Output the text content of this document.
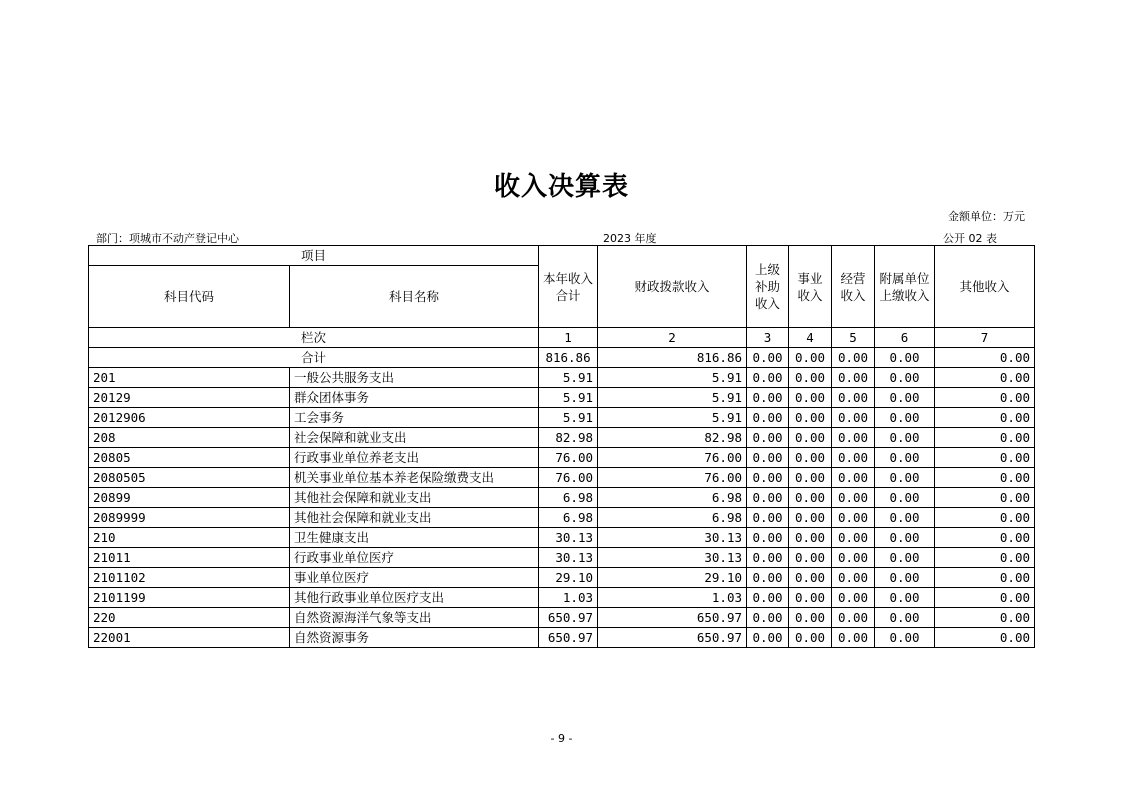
收入决算表
金额单位：万元
部门：项城市不动产登记中心	2023 年度	公开 02 表
项目		本年收入合计	财政拨款收入	上级补助收入	事业收入	经营收入	附属单位上缴收入	其他收入
科目代码	科目名称							
栏次		1	2	3	4	5	6	7
合计		816.86	816.86	0.00	0.00	0.00	0.00	0.00
201	一般公共服务支出	5.91	5.91	0.00	0.00	0.00	0.00	0.00
20129	群众团体事务	5.91	5.91	0.00	0.00	0.00	0.00	0.00
2012906	工会事务	5.91	5.91	0.00	0.00	0.00	0.00	0.00
208	社会保障和就业支出	82.98	82.98	0.00	0.00	0.00	0.00	0.00
20805	行政事业单位养老支出	76.00	76.00	0.00	0.00	0.00	0.00	0.00
2080505	机关事业单位基本养老保险缴费支出	76.00	76.00	0.00	0.00	0.00	0.00	0.00
20899	其他社会保障和就业支出	6.98	6.98	0.00	0.00	0.00	0.00	0.00
2089999	其他社会保障和就业支出	6.98	6.98	0.00	0.00	0.00	0.00	0.00
210	卫生健康支出	30.13	30.13	0.00	0.00	0.00	0.00	0.00
21011	行政事业单位医疗	30.13	30.13	0.00	0.00	0.00	0.00	0.00
2101102	事业单位医疗	29.10	29.10	0.00	0.00	0.00	0.00	0.00
2101199	其他行政事业单位医疗支出	1.03	1.03	0.00	0.00	0.00	0.00	0.00
220	自然资源海洋气象等支出	650.97	650.97	0.00	0.00	0.00	0.00	0.00
22001	自然资源事务	650.97	650.97	0.00	0.00	0.00	0.00	0.00
- 9 -
